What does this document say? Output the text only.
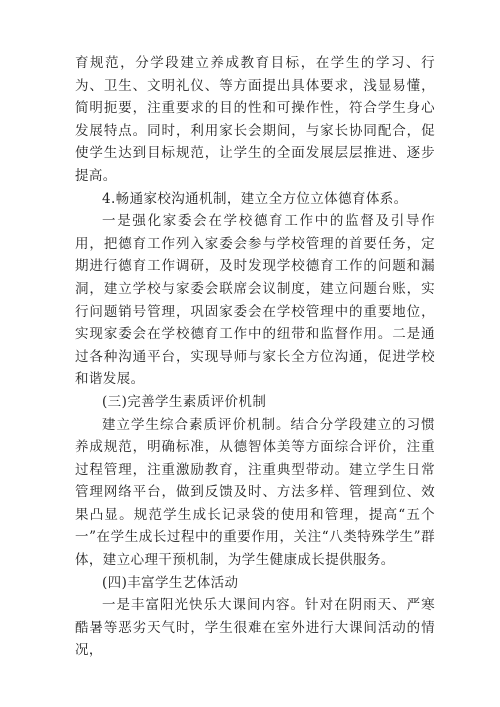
育规范，分学段建立养成教育目标，在学生的学习、行为、卫生、文明礼仪、等方面提出具体要求，浅显易懂，简明扼要，注重要求的目的性和可操作性，符合学生身心发展特点。同时，利用家长会期间，与家长协同配合，促使学生达到目标规范，让学生的全面发展层层推进、逐步提高。

4.畅通家校沟通机制，建立全方位立体德育体系。

一是强化家委会在学校德育工作中的监督及引导作用，把德育工作列入家委会参与学校管理的首要任务，定期进行德育工作调研，及时发现学校德育工作的问题和漏洞，建立学校与家委会联席会议制度，建立问题台账，实行问题销号管理，巩固家委会在学校管理中的重要地位，实现家委会在学校德育工作中的纽带和监督作用。二是通过各种沟通平台，实现导师与家长全方位沟通，促进学校和谐发展。

(三)完善学生素质评价机制

建立学生综合素质评价机制。结合分学段建立的习惯养成规范，明确标准，从德智体美等方面综合评价，注重过程管理，注重激励教育，注重典型带动。建立学生日常管理网络平台，做到反馈及时、方法多样、管理到位、效果凸显。规范学生成长记录袋的使用和管理，提高“五个一”在学生成长过程中的重要作用，关注“八类特殊学生”群体，建立心理干预机制，为学生健康成长提供服务。

(四)丰富学生艺体活动

一是丰富阳光快乐大课间内容。针对在阴雨天、严寒酷暑等恶劣天气时，学生很难在室外进行大课间活动的情况，
